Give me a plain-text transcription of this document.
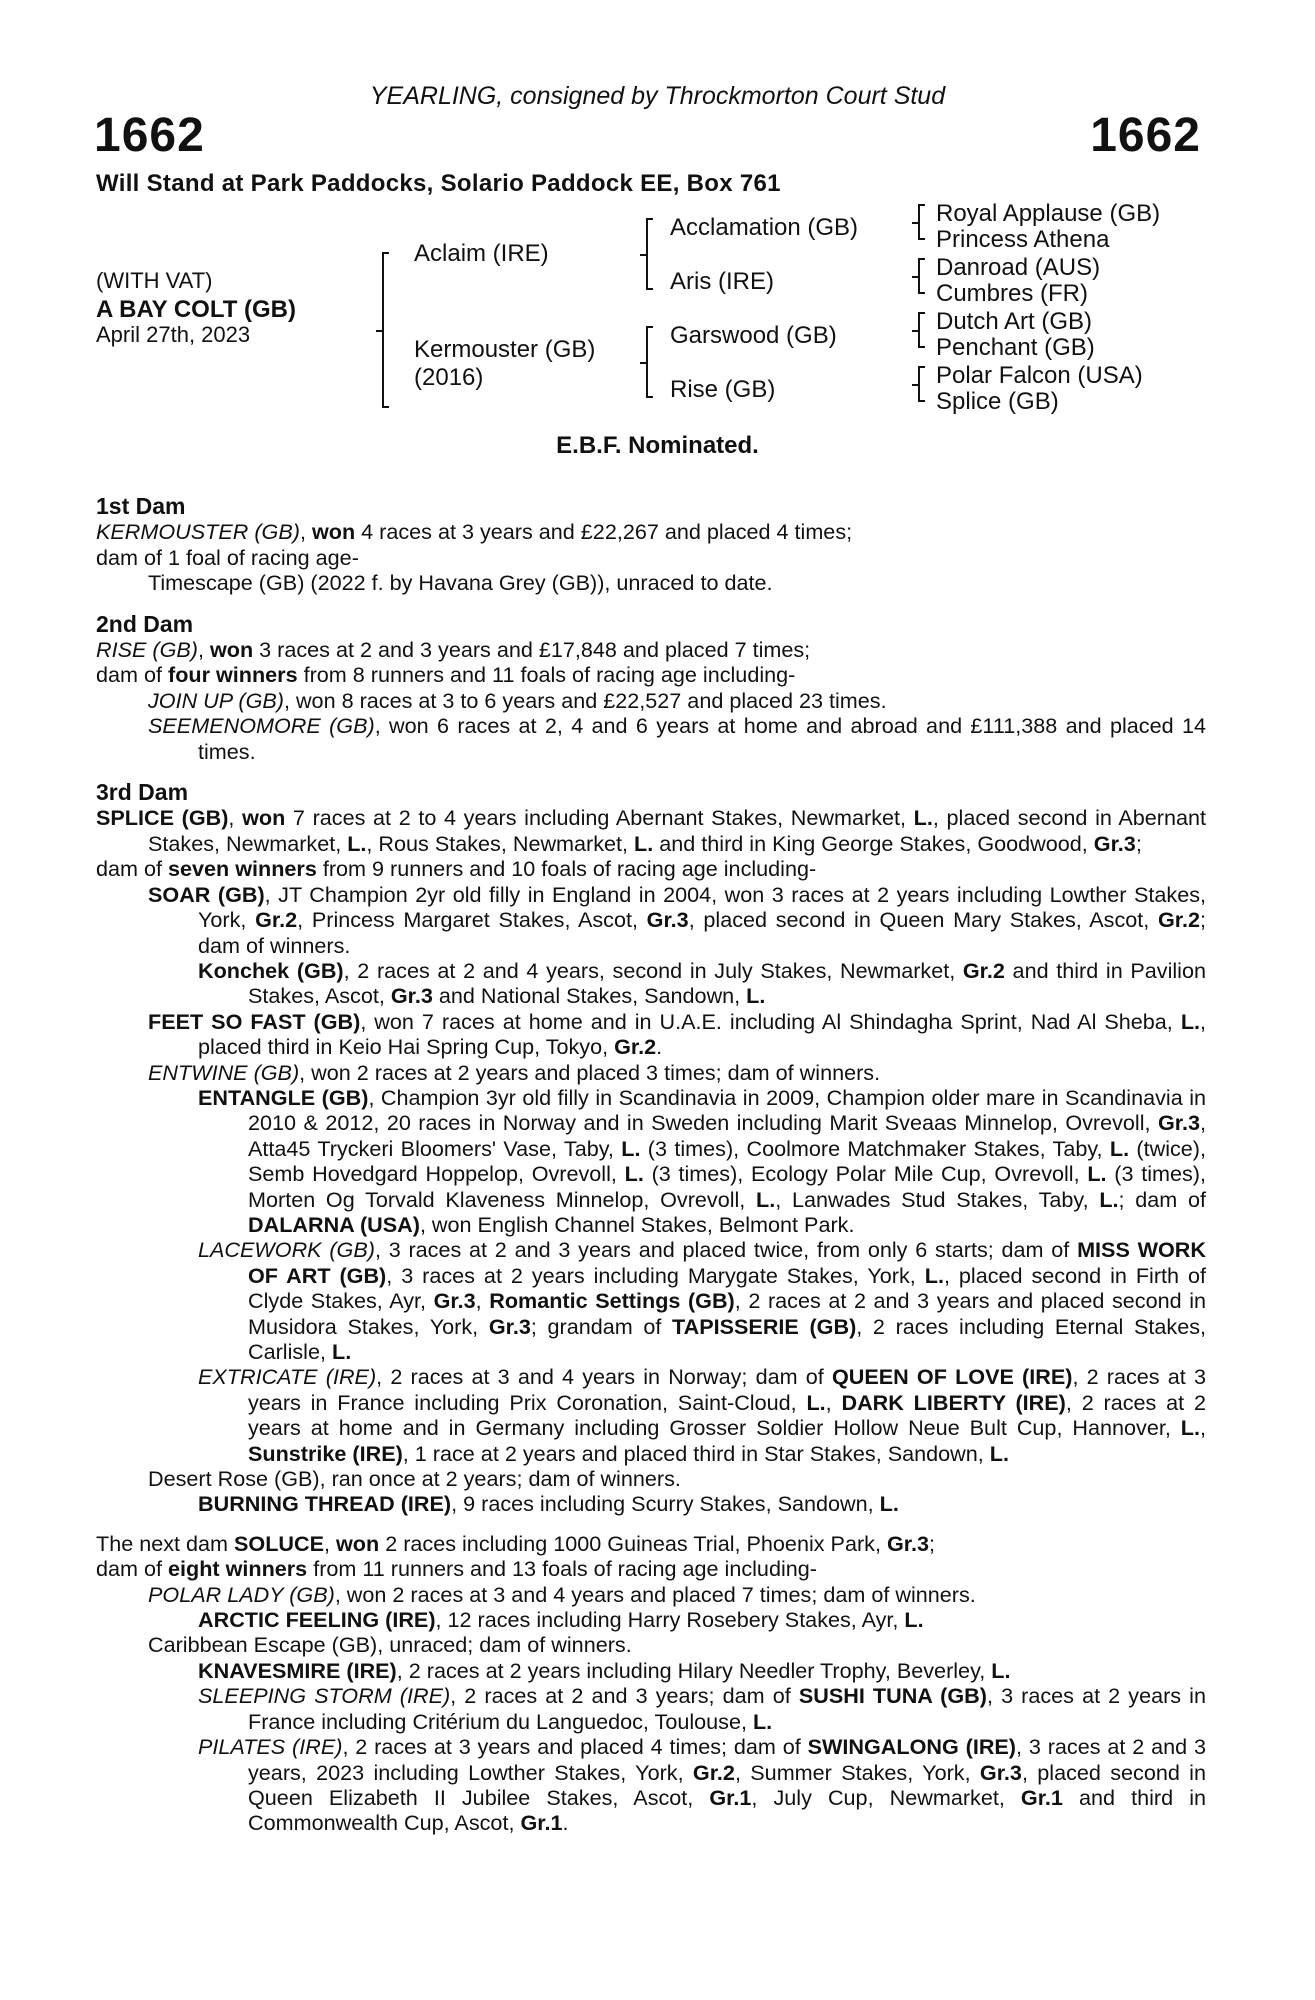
YEARLING, consigned by Throckmorton Court Stud
1662	1662
Will Stand at Park Paddocks, Solario Paddock EE, Box 761
(WITH VAT)
A BAY COLT (GB)
April 27th, 2023
Aclaim (IRE)
Kermouster (GB)
(2016)
Acclamation (GB)
Aris (IRE)
Garswood (GB)
Rise (GB)
Royal Applause (GB)
Princess Athena
Danroad (AUS)
Cumbres (FR)
Dutch Art (GB)
Penchant (GB)
Polar Falcon (USA)
Splice (GB)
E.B.F. Nominated.

1st Dam

KERMOUSTER (GB), won 4 races at 3 years and £22,267 and placed 4 times;

dam of 1 foal of racing age-

Timescape (GB) (2022 f. by Havana Grey (GB)), unraced to date.

2nd Dam

RISE (GB), won 3 races at 2 and 3 years and £17,848 and placed 7 times;

dam of four winners from 8 runners and 11 foals of racing age including-

JOIN UP (GB), won 8 races at 3 to 6 years and £22,527 and placed 23 times.

SEEMENOMORE (GB), won 6 races at 2, 4 and 6 years at home and abroad and £111,388 and placed 14 times.

3rd Dam

SPLICE (GB), won 7 races at 2 to 4 years including Abernant Stakes, Newmarket, L., placed second in Abernant Stakes, Newmarket, L., Rous Stakes, Newmarket, L. and third in King George Stakes, Goodwood, Gr.3;

dam of seven winners from 9 runners and 10 foals of racing age including-

SOAR (GB), JT Champion 2yr old filly in England in 2004, won 3 races at 2 years including Lowther Stakes, York, Gr.2, Princess Margaret Stakes, Ascot, Gr.3, placed second in Queen Mary Stakes, Ascot, Gr.2; dam of winners.

Konchek (GB), 2 races at 2 and 4 years, second in July Stakes, Newmarket, Gr.2 and third in Pavilion Stakes, Ascot, Gr.3 and National Stakes, Sandown, L.

FEET SO FAST (GB), won 7 races at home and in U.A.E. including Al Shindagha Sprint, Nad Al Sheba, L., placed third in Keio Hai Spring Cup, Tokyo, Gr.2.

ENTWINE (GB), won 2 races at 2 years and placed 3 times; dam of winners.

ENTANGLE (GB), Champion 3yr old filly in Scandinavia in 2009, Champion older mare in Scandinavia in 2010 & 2012, 20 races in Norway and in Sweden including Marit Sveaas Minnelop, Ovrevoll, Gr.3, Atta45 Tryckeri Bloomers' Vase, Taby, L. (3 times), Coolmore Matchmaker Stakes, Taby, L. (twice), Semb Hovedgard Hoppelop, Ovrevoll, L. (3 times), Ecology Polar Mile Cup, Ovrevoll, L. (3 times), Morten Og Torvald Klaveness Minnelop, Ovrevoll, L., Lanwades Stud Stakes, Taby, L.; dam of DALARNA (USA), won English Channel Stakes, Belmont Park.

LACEWORK (GB), 3 races at 2 and 3 years and placed twice, from only 6 starts; dam of MISS WORK OF ART (GB), 3 races at 2 years including Marygate Stakes, York, L., placed second in Firth of Clyde Stakes, Ayr, Gr.3, Romantic Settings (GB), 2 races at 2 and 3 years and placed second in Musidora Stakes, York, Gr.3; grandam of TAPISSERIE (GB), 2 races including Eternal Stakes, Carlisle, L.

EXTRICATE (IRE), 2 races at 3 and 4 years in Norway; dam of QUEEN OF LOVE (IRE), 2 races at 3 years in France including Prix Coronation, Saint-Cloud, L., DARK LIBERTY (IRE), 2 races at 2 years at home and in Germany including Grosser Soldier Hollow Neue Bult Cup, Hannover, L., Sunstrike (IRE), 1 race at 2 years and placed third in Star Stakes, Sandown, L.

Desert Rose (GB), ran once at 2 years; dam of winners.

BURNING THREAD (IRE), 9 races including Scurry Stakes, Sandown, L.

The next dam SOLUCE, won 2 races including 1000 Guineas Trial, Phoenix Park, Gr.3;

dam of eight winners from 11 runners and 13 foals of racing age including-

POLAR LADY (GB), won 2 races at 3 and 4 years and placed 7 times; dam of winners.

ARCTIC FEELING (IRE), 12 races including Harry Rosebery Stakes, Ayr, L.

Caribbean Escape (GB), unraced; dam of winners.

KNAVESMIRE (IRE), 2 races at 2 years including Hilary Needler Trophy, Beverley, L.

SLEEPING STORM (IRE), 2 races at 2 and 3 years; dam of SUSHI TUNA (GB), 3 races at 2 years in France including Critérium du Languedoc, Toulouse, L.

PILATES (IRE), 2 races at 3 years and placed 4 times; dam of SWINGALONG (IRE), 3 races at 2 and 3 years, 2023 including Lowther Stakes, York, Gr.2, Summer Stakes, York, Gr.3, placed second in Queen Elizabeth II Jubilee Stakes, Ascot, Gr.1, July Cup, Newmarket, Gr.1 and third in Commonwealth Cup, Ascot, Gr.1.
